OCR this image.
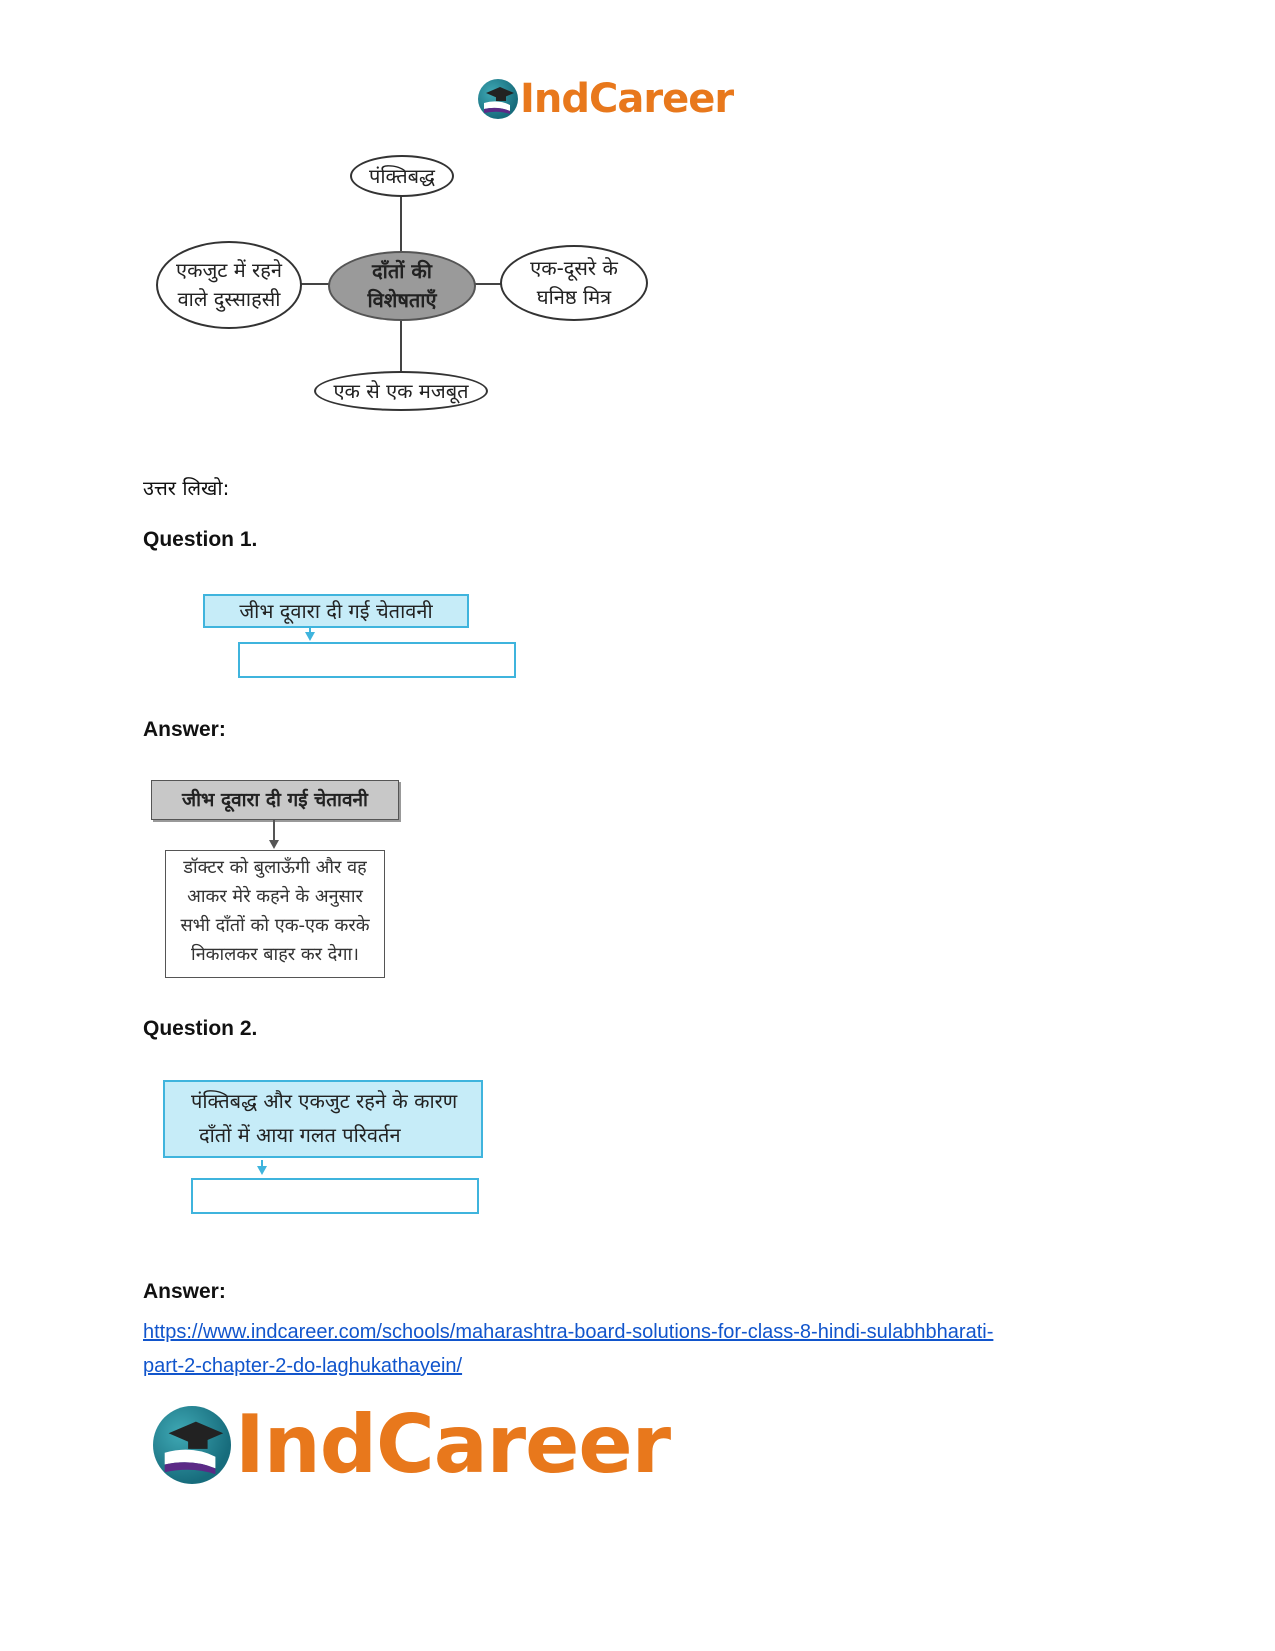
IndCareer
पंक्तिबद्ध
दाँतों की
विशेषताएँ
एकजुट में रहने
वाले दुस्साहसी
एक-दूसरे के
घनिष्ठ मित्र
एक से एक मजबूत
उत्तर लिखो:
Question 1.
जीभ दूवारा दी गई चेतावनी
Answer:
जीभ दूवारा दी गई चेतावनी
डॉक्टर को बुलाऊँगी और वह
आकर मेरे कहने के अनुसार
सभी दाँतों को एक-एक करके
निकालकर बाहर कर देगा।
Question 2.
पंक्तिबद्ध और एकजुट रहने के कारण
दाँतों में आया गलत परिवर्तन
Answer:
https://www.indcareer.com/schools/maharashtra-board-solutions-for-class-8-hindi-sulabhbharati-
part-2-chapter-2-do-laghukathayein/
IndCareer
